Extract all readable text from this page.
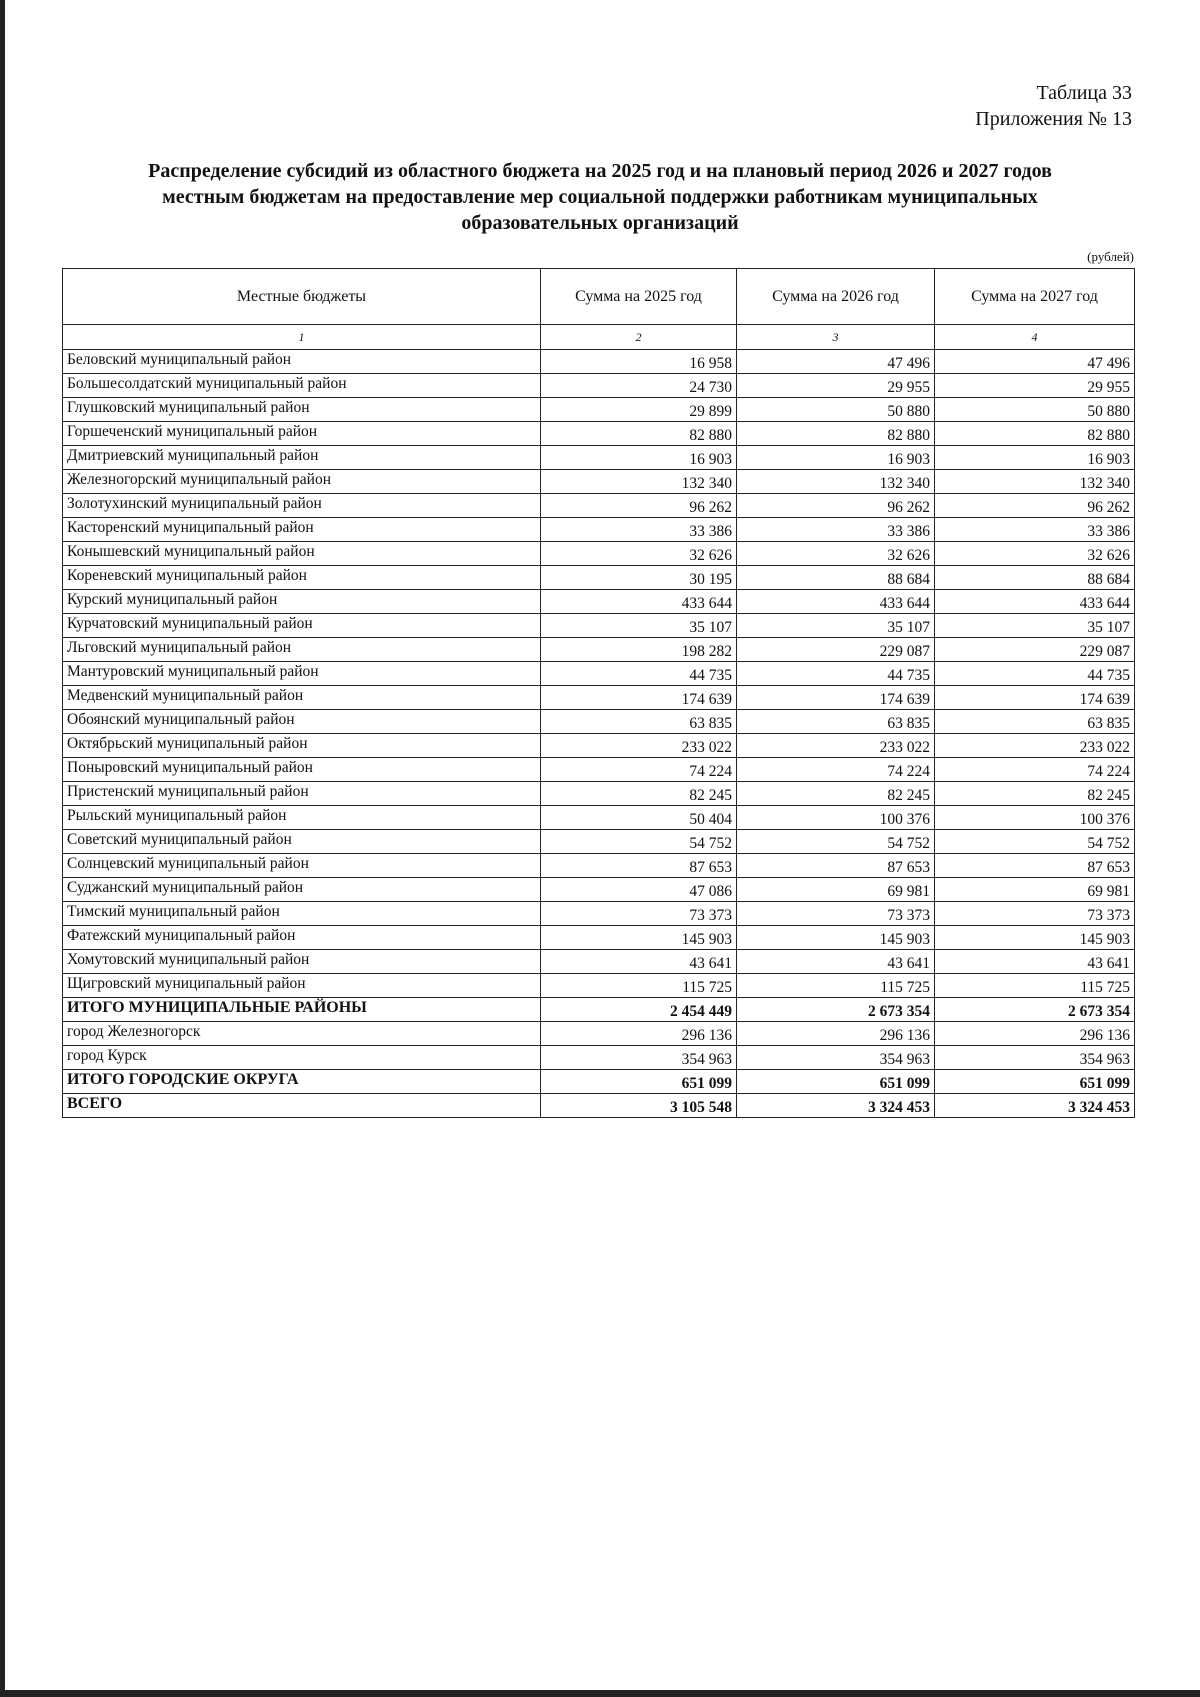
Таблица 33
Приложения № 13
Распределение субсидий из областного бюджета на 2025 год и на плановый период 2026 и 2027 годов
местным бюджетам на предоставление мер социальной поддержки работникам муниципальных
образовательных организаций
(рублей)
Местные бюджеты	Сумма на 2025 год	Сумма на 2026 год	Сумма на 2027 год
1	2	3	4
Беловский муниципальный район	16 958	47 496	47 496
Большесолдатский муниципальный район	24 730	29 955	29 955
Глушковский муниципальный район	29 899	50 880	50 880
Горшеченский муниципальный район	82 880	82 880	82 880
Дмитриевский муниципальный район	16 903	16 903	16 903
Железногорский муниципальный район	132 340	132 340	132 340
Золотухинский муниципальный район	96 262	96 262	96 262
Касторенский муниципальный район	33 386	33 386	33 386
Конышевский муниципальный район	32 626	32 626	32 626
Кореневский муниципальный район	30 195	88 684	88 684
Курский муниципальный район	433 644	433 644	433 644
Курчатовский муниципальный район	35 107	35 107	35 107
Льговский муниципальный район	198 282	229 087	229 087
Мантуровский муниципальный район	44 735	44 735	44 735
Медвенский муниципальный район	174 639	174 639	174 639
Обоянский муниципальный район	63 835	63 835	63 835
Октябрьский муниципальный район	233 022	233 022	233 022
Поныровский муниципальный район	74 224	74 224	74 224
Пристенский муниципальный район	82 245	82 245	82 245
Рыльский муниципальный район	50 404	100 376	100 376
Советский муниципальный район	54 752	54 752	54 752
Солнцевский муниципальный район	87 653	87 653	87 653
Суджанский муниципальный район	47 086	69 981	69 981
Тимский муниципальный район	73 373	73 373	73 373
Фатежский муниципальный район	145 903	145 903	145 903
Хомутовский муниципальный район	43 641	43 641	43 641
Щигровский муниципальный район	115 725	115 725	115 725
ИТОГО МУНИЦИПАЛЬНЫЕ РАЙОНЫ	2 454 449	2 673 354	2 673 354
город Железногорск	296 136	296 136	296 136
город Курск	354 963	354 963	354 963
ИТОГО ГОРОДСКИЕ ОКРУГА	651 099	651 099	651 099
ВСЕГО	3 105 548	3 324 453	3 324 453
